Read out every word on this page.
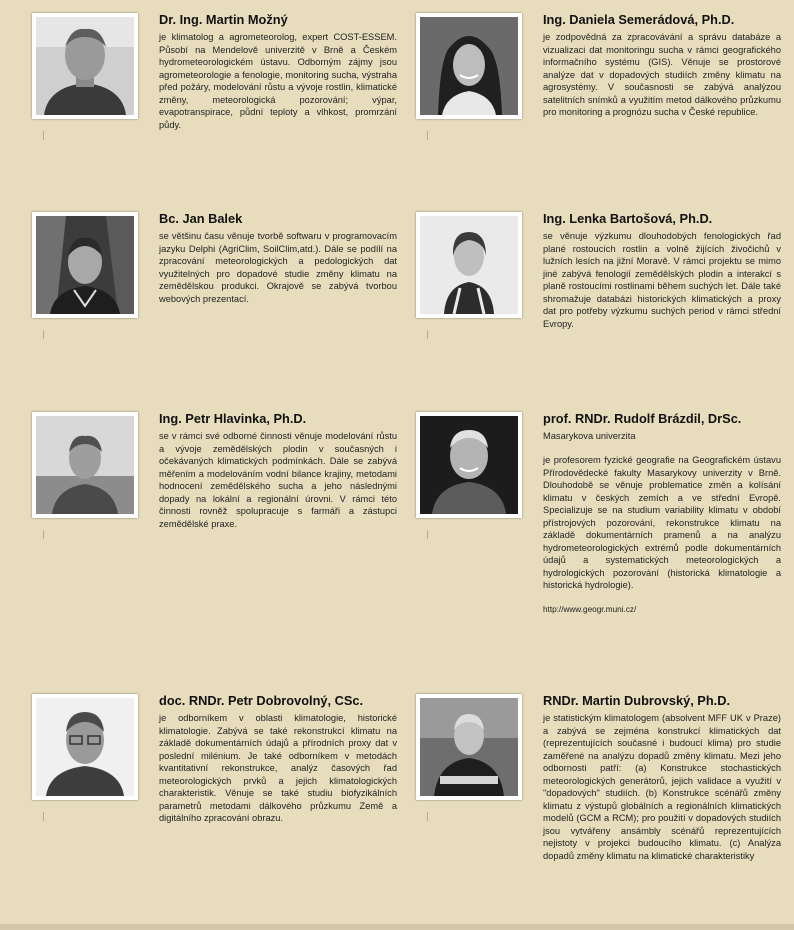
Dr. Ing. Martin Možný

je klimatolog a agrometeorolog, expert COST-ESSEM. Působí na Mendelově univerzitě v Brně a Českém hydrometeorologickém ústavu. Odborným zájmy jsou agrometeorologie a fenologie, monitoring sucha, výstraha před požáry, modelování růstu a vývoje rostlin, klimatické změny, meteorologická pozorování; výpar, evapotranspirace, půdní teploty a vlhkost, promrzání půdy.

Ing. Daniela Semerádová, Ph.D.

je zodpovědná za zpracovávání a správu databáze a vizualizaci dat monitoringu sucha v rámci geografického informačního systému (GIS). Věnuje se prostorové analýze dat v dopadových studiích změny klimatu na agrosystémy. V současnosti se zabývá analýzou satelitních snímků a využitím metod dálkového průzkumu pro monitoring a prognózu sucha v České republice.

Bc. Jan Balek

se většinu času věnuje tvorbě softwaru v programovacím jazyku Delphi (AgriClim, SoilClim,atd.). Dále se podílí na zpracování meteorologických a pedologických dat využitelných pro dopadové studie změny klimatu na zemědělskou produkci. Okrajově se zabývá tvorbou webových prezentací.

Ing. Lenka Bartošová, Ph.D.

se věnuje výzkumu dlouhodobých fenologických řad plané rostoucích rostlin a volně žijících živočichů v lužních lesích na jižní Moravě. V rámci projektu se mimo jiné zabývá fenologií zemědělských plodin a interakcí s planě rostoucími rostlinami během suchých let. Dále také shromažuje databázi historických klimatických a proxy dat pro potřeby výzkumu suchých period v rámci střední Evropy.

Ing. Petr Hlavinka, Ph.D.

se v rámci své odborné činnosti věnuje modelování růstu a vývoje zemědělských plodin v současných i očekávaných klimatických podmínkách. Dále se zabývá měřením a modelováním vodní bilance krajiny, metodami hodnocení zemědělského sucha a jeho následnými dopady na lokální a regionální úrovni. V rámci této činnosti rovněž spolupracuje s farmáři a zástupci zemědělské praxe.

prof. RNDr. Rudolf Brázdil, DrSc.

Masarykova univerzita

je profesorem fyzické geografie na Geografickém ústavu Přírodovědecké fakulty Masarykovy univerzity v Brně. Dlouhodobě se věnuje problematice změn a kolísání klimatu v českých zemích a ve střední Evropě. Specializuje se na studium variability klimatu v období přístrojových pozorování, rekonstrukce klimatu na základě dokumentárních pramenů a na analýzu hydrometeorologických extrémů podle dokumentárních údajů a systematických meteorologických a hydrologických pozorování (historická klimatologie a historická hydrologie).

http://www.geogr.muni.cz/

doc. RNDr. Petr Dobrovolný, CSc.

je odborníkem v oblasti klimatologie, historické klimatologie. Zabývá se také rekonstrukcí klimatu na základě dokumentárních údajů a přírodních proxy dat v poslední milénium. Je také odborníkem v metodách kvantitativní rekonstrukce, analýz časových řad meteorologických prvků a jejich klimatologických charakteristik. Věnuje se také studiu biofyzikálních parametrů metodami dálkového průzkumu Země a digitálního zpracování obrazu.

RNDr. Martin Dubrovský, Ph.D.

je statistickým klimatologem (absolvent MFF UK v Praze) a zabývá se zejména konstrukcí klimatických dat (reprezentujících současné i budoucí klima) pro studie zaměřené na analýzu dopadů změny klimatu. Mezi jeho odbornosti patří: (a) Konstrukce stochastických meteorologických generátorů, jejich validace a využití v "dopadových" studiích. (b) Konstrukce scénářů změny klimatu z výstupů globálních a regionálních klimatických modelů (GCM a RCM); pro použití v dopadových studiích jsou vytvářeny ansámbly scénářů reprezentujících nejistoty v projekci budoucího klimatu. (c) Analýza dopadů změny klimatu na klimatické charakteristiky
